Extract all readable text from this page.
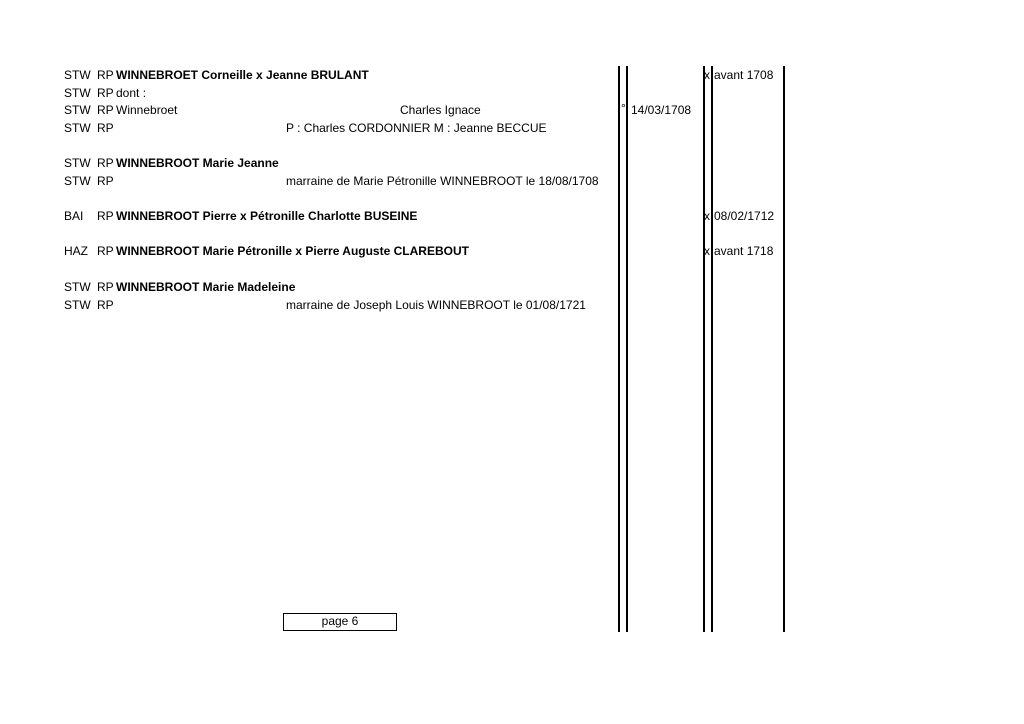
STW RP WINNEBROET Corneille x Jeanne BRULANT	x avant 1708
STW RP dont :
STW RP Winnebroet	Charles Ignace	° 14/03/1708
STW RP	P : Charles CORDONNIER M : Jeanne BECCUE
STW RP WINNEBROOT Marie Jeanne
STW RP	marraine de Marie Pétronille WINNEBROOT le 18/08/1708
BAI RP WINNEBROOT Pierre x Pétronille Charlotte BUSEINE	x 08/02/1712
HAZ RP WINNEBROOT Marie Pétronille x Pierre Auguste CLAREBOUT	x avant 1718
STW RP WINNEBROOT Marie Madeleine
STW RP	marraine de Joseph Louis WINNEBROOT le 01/08/1721
page 6
